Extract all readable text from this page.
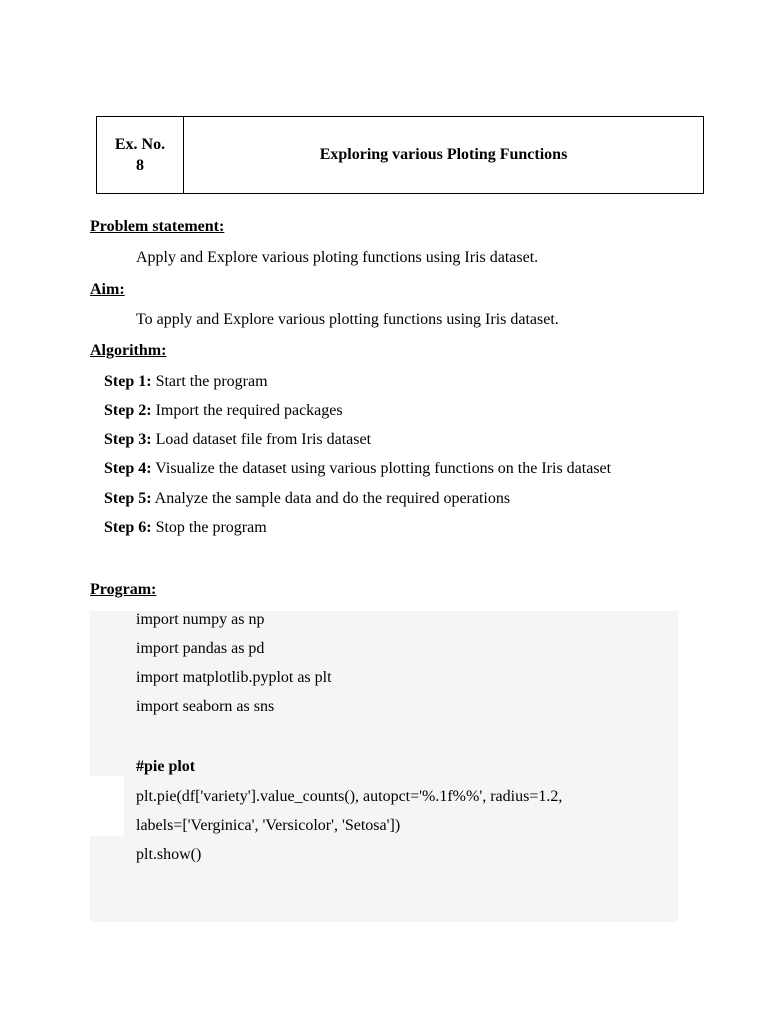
Ex. No.
8
Exploring various Ploting Functions
Problem statement:
Apply and Explore various ploting functions using Iris dataset.
Aim:
To apply and Explore various plotting functions using Iris dataset.
Algorithm:
Step 1: Start the program
Step 2: Import the required packages
Step 3: Load dataset file from Iris dataset
Step 4: Visualize the dataset using various plotting functions on the Iris dataset
Step 5: Analyze the sample data and do the required operations
Step 6: Stop the program
Program:
import numpy as np
import pandas as pd
import matplotlib.pyplot as plt
import seaborn as sns
#pie plot
plt.pie(df['variety'].value_counts(), autopct='%.1f%%', radius=1.2,
labels=['Verginica', 'Versicolor', 'Setosa'])
plt.show()
